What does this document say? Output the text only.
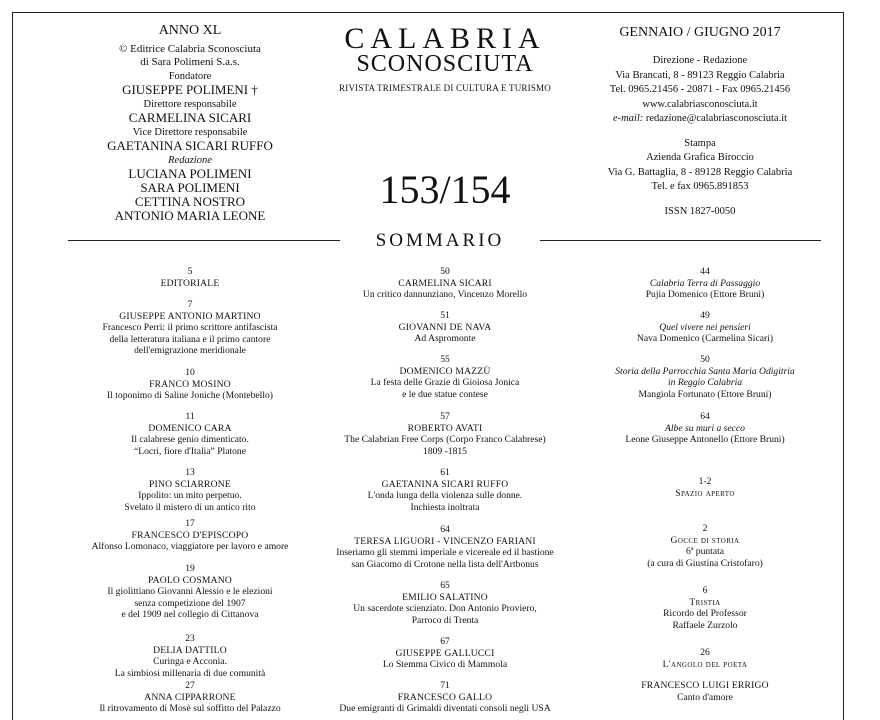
ANNO XL
© Editrice Calabria Sconosciuta
di Sara Polimeni S.a.s.
Fondatore
GIUSEPPE POLIMENI †
Direttore responsabile
CARMELINA SICARI
Vice Direttore responsabile
GAETANINA SICARI RUFFO
Redazione
LUCIANA POLIMENI
SARA POLIMENI
CETTINA NOSTRO
ANTONIO MARIA LEONE
CALABRIA
SCONOSCIUTA
RIVISTA TRIMESTRALE DI CULTURA E TURISMO
153/154
GENNAIO / GIUGNO 2017
Direzione - Redazione
Via Brancati, 8 - 89123 Reggio Calabria
Tel. 0965.21456 - 20871 - Fax 0965.21456
www.calabriasconosciuta.it
e-mail: redazione@calabriasconosciuta.it
Stampa
Azienda Grafica Biroccio
Via G. Battaglia, 8 - 89128 Reggio Calabria
Tel. e fax 0965.891853
ISSN 1827-0050
SOMMARIO
5
EDITORIALE
7
GIUSEPPE ANTONIO MARTINO
Francesco Perri: il primo scrittore antifascista
della letteratura italiana e il primo cantore
dell'emigrazione meridionale
10
FRANCO MOSINO
Il toponimo di Saline Joniche (Montebello)
11
DOMENICO CARA
Il calabrese genio dimenticato.
“Locri, fiore d'Italia” Platone
13
PINO SCIARRONE
Ippolito: un mito perpetuo.
Svelato il mistero di un antico rito
17
FRANCESCO D'EPISCOPO
Alfonso Lomonaco, viaggiatore per lavoro e amore
19
PAOLO COSMANO
Il giolittiano Giovanni Alessio e le elezioni
senza competizione del 1907
e del 1909 nel collegio di Cittanova
23
DELIA DATTILO
Curinga e Acconia.
La simbiosi millenaria di due comunità
27
ANNA CIPPARRONE
Il ritrovamento di Mosè sul soffitto del Palazzo
50
CARMELINA SICARI
Un critico dannunziano, Vincenzo Morello
51
GIOVANNI DE NAVA
Ad Aspromonte
55
DOMENICO MAZZÙ
La festa delle Grazie di Gioiosa Jonica
e le due statue contese
57
ROBERTO AVATI
The Calabrian Free Corps (Corpo Franco Calabrese)
1809 -1815
61
GAETANINA SICARI RUFFO
L'onda lunga della violenza sulle donne.
Inchiesta inoltrata
64
TERESA LIGUORI - VINCENZO FARIANI
Inseriamo gli stemmi imperiale e vicereale ed il bastione
san Giacomo di Crotone nella lista dell'Artbonus
65
EMILIO SALATINO
Un sacerdote scienziato. Don Antonio Proviero,
Parroco di Trenta
67
GIUSEPPE GALLUCCI
Lo Stemma Civico di Mammola
71
FRANCESCO GALLO
Due emigranti di Grimaldi diventati consoli negli USA
44
Calabria Terra di Passaggio
Pujia Domenico (Ettore Bruni)
49
Quel vivere nei pensieri
Nava Domenico (Carmelina Sicari)
50
Storia della Parrocchia Santa Maria Odigitria
in Reggio Calabria
Mangiola Fortunato (Ettore Bruni)
64
Albe su muri a secco
Leone Giuseppe Antonello (Ettore Bruni)
1-2
Spazio aperto
2
Gocce di storia
6ª puntata
(a cura di Giustina Cristofaro)
6
Tristia
Ricordo del Professor
Raffaele Zurzolo
26
L'angolo del poeta
FRANCESCO LUIGI ERRIGO
Canto d'amore
